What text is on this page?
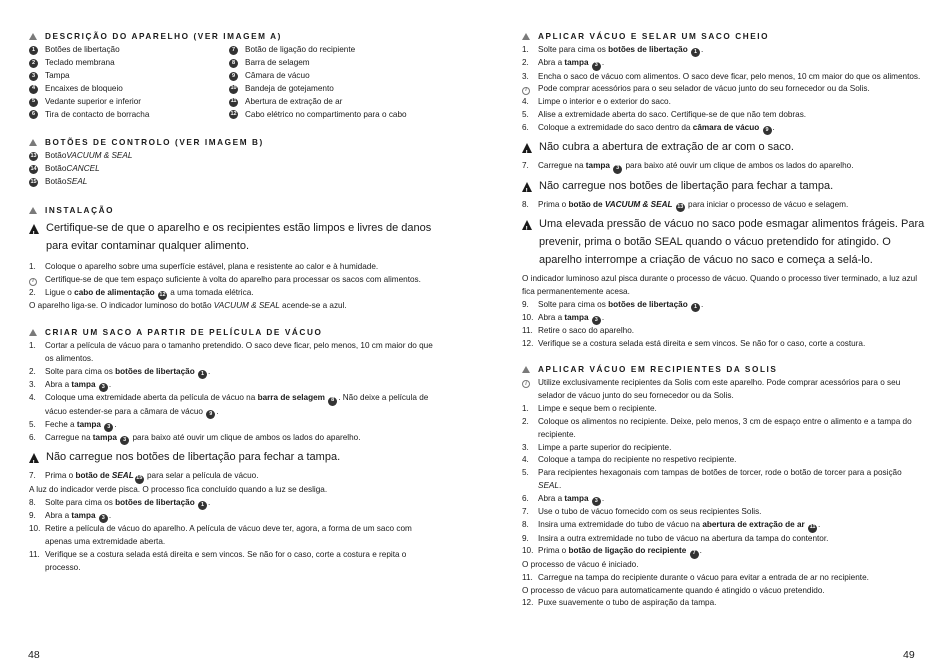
DESCRIÇÃO DO APARELHO (VER IMAGEM A)
1	Botões de libertação
2	Teclado membrana
3	Tampa
4	Encaixes de bloqueio
5	Vedante superior e inferior
6	Tira de contacto de borracha
7	Botão de ligação do recipiente
8	Barra de selagem
9	Câmara de vácuo
10 Bandeja de gotejamento
11 Abertura de extração de ar
12 Cabo elétrico no compartimento para o cabo
BOTÕES DE CONTROLO (VER IMAGEM B)
13 Botão VACUUM & SEAL
14 Botão CANCEL
15 Botão SEAL
INSTALAÇÃO
!
Certifique-se de que o aparelho e os recipientes estão limpos e livres de danos para evitar contaminar qualquer alimento.
1.	Coloque o aparelho sobre uma superfície estável, plana e resistente ao calor e à humidade.
i	Certifique-se de que tem espaço suficiente à volta do aparelho para processar os sacos com alimentos.
2.	Ligue o cabo de alimentação 12 a uma tomada elétrica.
O aparelho liga-se. O indicador luminoso do botão VACUUM & SEAL acende-se a azul.
CRIAR UM SACO A PARTIR DE PELÍCULA DE VÁCUO
1.	Cortar a película de vácuo para o tamanho pretendido. O saco deve ficar, pelo menos, 10 cm maior do que os alimentos.
2.	Solte para cima os botões de libertação 1 .
3.	Abra a tampa 3 .
4.	Coloque uma extremidade aberta da película de vácuo na barra de selagem 8 . Não deixe a película de vácuo estender-se para a câmara de vácuo 9 .
5.	Feche a tampa 3 .
6.	Carregue na tampa 3 para baixo até ouvir um clique de ambos os lados do aparelho.
!
Não carregue nos botões de libertação para fechar a tampa.
7.	Prima o botão de SEAL 15 para selar a película de vácuo.
A luz do indicador verde pisca. O processo fica concluído quando a luz se desliga.
8.	Solte para cima os botões de libertação 1 .
9.	Abra a tampa 3 .
10. Retire a película de vácuo do aparelho. A película de vácuo deve ter, agora, a forma de um saco com apenas uma extremidade aberta.
11. Verifique se a costura selada está direita e sem vincos. Se não for o caso, corte a costura e repita o processo.
APLICAR VÁCUO E SELAR UM SACO CHEIO
1.	Solte para cima os botões de libertação 1 .
2.	Abra a tampa 3 .
3.	Encha o saco de vácuo com alimentos. O saco deve ficar, pelo menos, 10 cm maior do que os alimentos.
i	Pode comprar acessórios para o seu selador de vácuo junto do seu fornecedor ou da Solis.
4.	Limpe o interior e o exterior do saco.
5.	Alise a extremidade aberta do saco. Certifique-se de que não tem dobras.
6.	Coloque a extremidade do saco dentro da câmara de vácuo 9 .
!
Não cubra a abertura de extração de ar com o saco.
7.	Carregue na tampa 3 para baixo até ouvir um clique de ambos os lados do aparelho.
!
Não carregue nos botões de libertação para fechar a tampa.
8.	Prima o botão de VACUUM & SEAL 13 para iniciar o processo de vácuo e selagem.
!
Uma elevada pressão de vácuo no saco pode esmagar alimentos frágeis. Para prevenir, prima o botão SEAL quando o vácuo pretendido for atingido. O aparelho interrompe a criação de vácuo no saco e começa a selá-lo.
O indicador luminoso azul pisca durante o processo de vácuo. Quando o processo tiver terminado, a luz azul fica permanentemente acesa.
9.	Solte para cima os botões de libertação 1 .
10. Abra a tampa 3 .
11. Retire o saco do aparelho.
12. Verifique se a costura selada está direita e sem vincos. Se não for o caso, corte a costura.
APLICAR VÁCUO EM RECIPIENTES DA SOLIS
i	Utilize exclusivamente recipientes da Solis com este aparelho. Pode comprar acessórios para o seu selador de vácuo junto do seu fornecedor ou da Solis.
1.	Limpe e seque bem o recipiente.
2.	Coloque os alimentos no recipiente. Deixe, pelo menos, 3 cm de espaço entre o alimento e a tampa do recipiente.
3.	Limpe a parte superior do recipiente.
4.	Coloque a tampa do recipiente no respetivo recipiente.
5.	Para recipientes hexagonais com tampas de botões de torcer, rode o botão de torcer para a posição SEAL.
6.	Abra a tampa 3 .
7.	Use o tubo de vácuo fornecido com os seus recipientes Solis.
8.	Insira uma extremidade do tubo de vácuo na abertura de extração de ar 11 .
9.	Insira a outra extremidade no tubo de vácuo na abertura da tampa do contentor.
10. Prima o botão de ligação do recipiente 7 .
O processo de vácuo é iniciado.
11. Carregue na tampa do recipiente durante o vácuo para evitar a entrada de ar no recipiente.
O processo de vácuo para automaticamente quando é atingido o vácuo pretendido.
12. Puxe suavemente o tubo de aspiração da tampa.
48	49
